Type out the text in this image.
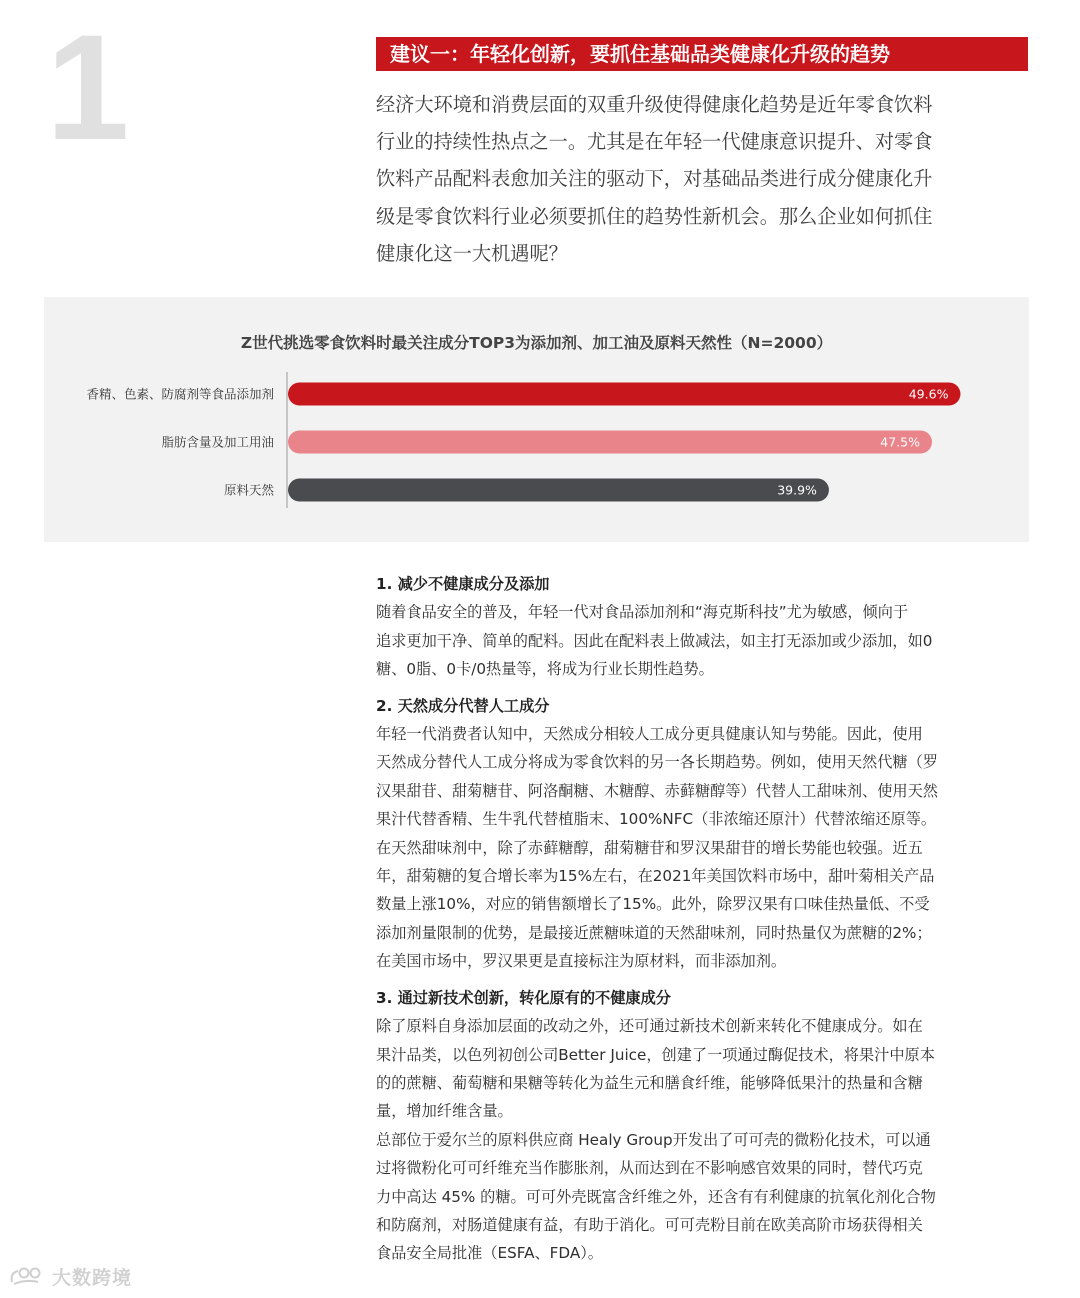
1	建议一：年轻化创新，要抓住基础品类健康化升级的趋势
经济大环境和消费层面的双重升级使得健康化趋势是近年零食饮料
行业的持续性热点之一。尤其是在年轻一代健康意识提升、对零食
饮料产品配料表愈加关注的驱动下，对基础品类进行成分健康化升
级是零食饮料行业必须要抓住的趋势性新机会。那么企业如何抓住
健康化这一大机遇呢？
Z世代挑选零食饮料时最关注成分TOP3为添加剂、加工油及原料天然性（N=2000）
香精、色素、防腐剂等食品添加剂	49.6%
脂肪含量及加工用油	47.5%
原料天然	39.9%
1. 减少不健康成分及添加
随着食品安全的普及，年轻一代对食品添加剂和“海克斯科技”尤为敏感，倾向于
追求更加干净、简单的配料。因此在配料表上做减法，如主打无添加或少添加，如0
糖、0脂、0卡/0热量等，将成为行业长期性趋势。
2. 天然成分代替人工成分
年轻一代消费者认知中，天然成分相较人工成分更具健康认知与势能。因此，使用
天然成分替代人工成分将成为零食饮料的另一各长期趋势。例如，使用天然代糖（罗
汉果甜苷、甜菊糖苷、阿洛酮糖、木糖醇、赤藓糖醇等）代替人工甜味剂、使用天然
果汁代替香精、生牛乳代替植脂末、100%NFC（非浓缩还原汁）代替浓缩还原等。
在天然甜味剂中，除了赤藓糖醇，甜菊糖苷和罗汉果甜苷的增长势能也较强。近五
年，甜菊糖的复合增长率为15%左右，在2021年美国饮料市场中，甜叶菊相关产品
数量上涨10%，对应的销售额增长了15%。此外，除罗汉果有口味佳热量低、不受
添加剂量限制的优势，是最接近蔗糖味道的天然甜味剂，同时热量仅为蔗糖的2%；
在美国市场中，罗汉果更是直接标注为原材料，而非添加剂。
3. 通过新技术创新，转化原有的不健康成分
除了原料自身添加层面的改动之外，还可通过新技术创新来转化不健康成分。如在
果汁品类，以色列初创公司Better Juice，创建了一项通过酶促技术，将果汁中原本
的的蔗糖、葡萄糖和果糖等转化为益生元和膳食纤维，能够降低果汁的热量和含糖
量，增加纤维含量。
总部位于爱尔兰的原料供应商 Healy Group开发出了可可壳的微粉化技术，可以通
过将微粉化可可纤维充当作膨胀剂，从而达到在不影响感官效果的同时，替代巧克
力中高达 45% 的糖。可可外壳既富含纤维之外，还含有有利健康的抗氧化剂化合物
和防腐剂，对肠道健康有益，有助于消化。可可壳粉目前在欧美高阶市场获得相关
食品安全局批准（ESFA、FDA）。
大数跨境
